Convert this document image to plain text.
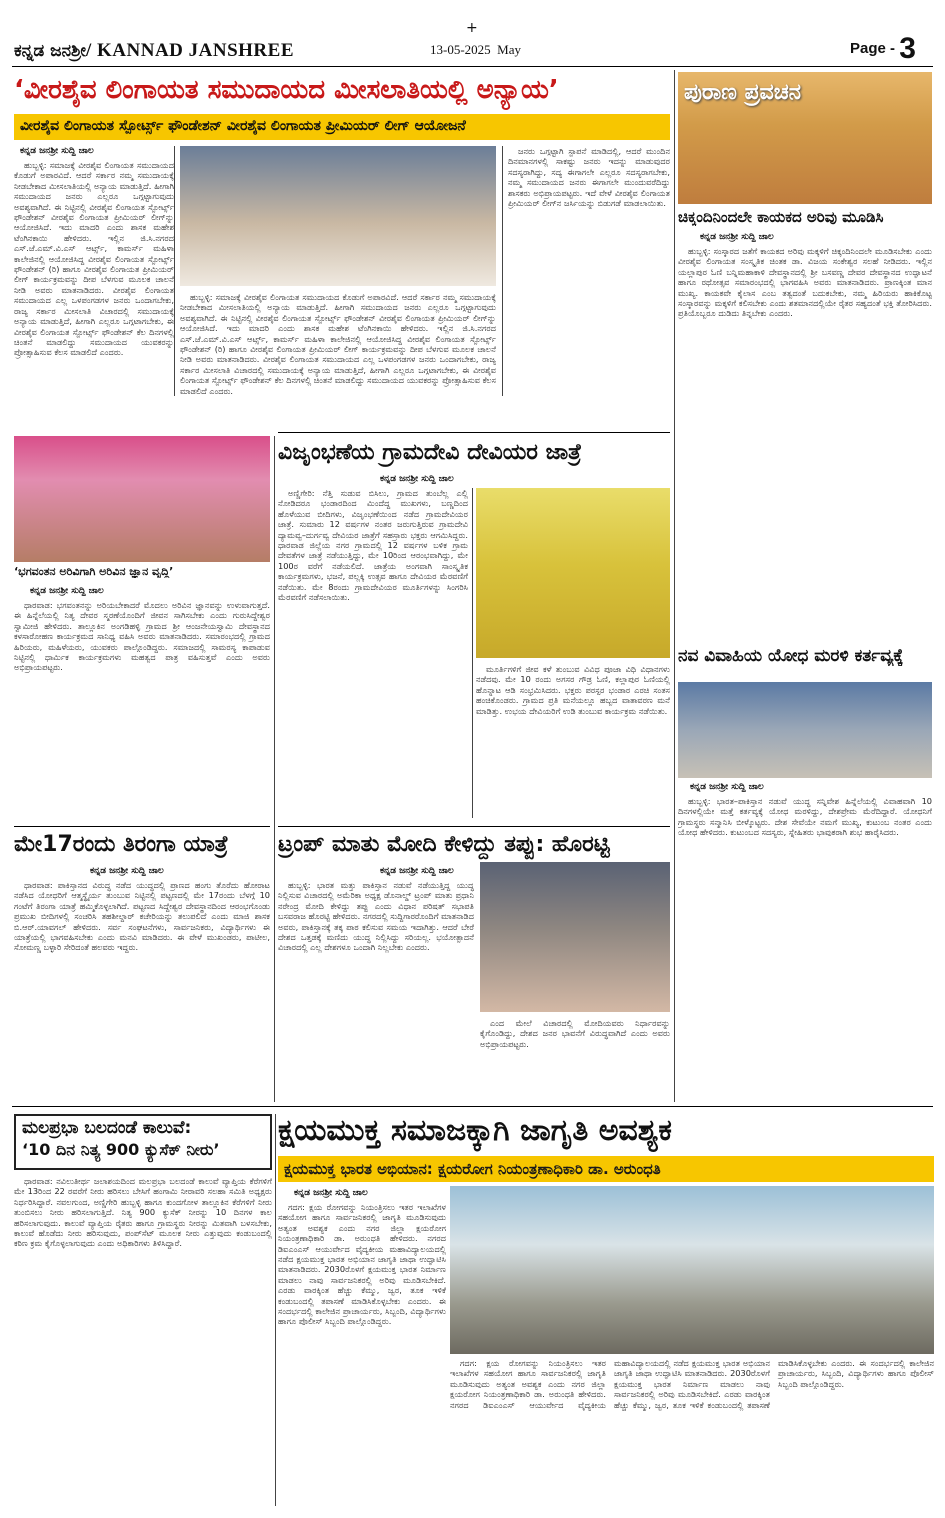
+
ಕನ್ನಡ ಜನಶ್ರೀ/ KANNAD JANSHREE	13-05-2025 May	Page - 3
‘ವೀರಶೈವ ಲಿಂಗಾಯತ ಸಮುದಾಯದ ಮೀಸಲಾತಿಯಲ್ಲಿ ಅನ್ಯಾಯ’
ವೀರಶೈವ ಲಿಂಗಾಯತ ಸ್ಪೋರ್ಟ್ಸ್ ಫೌಂಡೇಶನ್ ವೀರಶೈವ ಲಿಂಗಾಯತ ಪ್ರೀಮಿಯರ್ ಲೀಗ್ ಆಯೋಜನೆ
ಕನ್ನಡ ಜನಶ್ರೀ ಸುದ್ದಿ ಜಾಲ

ಹುಬ್ಬಳ್ಳಿ: ಸಮಾಜಕ್ಕೆ ವೀರಶೈವ ಲಿಂಗಾಯತ ಸಮುದಾಯದ ಕೊಡುಗೆ ಅಪಾರವಿದೆ. ಆದರೆ ಸರ್ಕಾರ ನಮ್ಮ ಸಮುದಾಯಕ್ಕೆ ನೀಡಬೇಕಾದ ಮೀಸಲಾತಿಯಲ್ಲಿ ಅನ್ಯಾಯ ಮಾಡುತ್ತಿದೆ. ಹೀಗಾಗಿ ಸಮುದಾಯದ ಜನರು ಎಲ್ಲರೂ ಒಗ್ಗಟ್ಟಾಗುವುದು ಅವಶ್ಯವಾಗಿದೆ. ಈ ನಿಟ್ಟಿನಲ್ಲಿ ವೀರಶೈವ ಲಿಂಗಾಯತ ಸ್ಪೋರ್ಟ್ಸ್ ಫೌಂಡೇಶನ್ ವೀರಶೈವ ಲಿಂಗಾಯತ ಪ್ರೀಮಿಯರ್ ಲೀಗ್‌ನ್ನು ಆಯೋಜಿಸಿದೆ. ಇದು ಮಾದರಿ ಎಂದು ಶಾಸಕ ಮಹೇಶ ಟೆಂಗಿನಕಾಯಿ ಹೇಳಿದರು. ಇಲ್ಲಿನ ಜಿ.ಸಿ.ನಗರದ ಎಸ್.ಜೆ.ಎಮ್.ವಿ.ಎಸ್ ಆರ್ಟ್ಸ್, ಕಾಮರ್ಸ್ ಮಹಿಳಾ ಕಾಲೇಜಿನಲ್ಲಿ ಆಯೋಜಿಸಿದ್ದ ವೀರಶೈವ ಲಿಂಗಾಯತ ಸ್ಪೋರ್ಟ್ಸ್ ಫೌಂಡೇಶನ್ (ರಿ) ಹಾಗೂ ವೀರಶೈವ ಲಿಂಗಾಯತ ಪ್ರೀಮಿಯರ್ ಲೀಗ್ ಕಾರ್ಯಕ್ರಮವನ್ನು ದೀಪ ಬೆಳಗುವ ಮೂಲಕ ಚಾಲನೆ ನೀಡಿ ಅವರು ಮಾತನಾಡಿದರು. ವೀರಶೈವ ಲಿಂಗಾಯತ ಸಮುದಾಯದ ಎಲ್ಲ ಒಳಪಂಗಡಗಳ ಜನರು ಒಂದಾಗಬೇಕು, ರಾಜ್ಯ ಸರ್ಕಾರ ಮೀಸಲಾತಿ ವಿಚಾರದಲ್ಲಿ ಸಮುದಾಯಕ್ಕೆ ಅನ್ಯಾಯ ಮಾಡುತ್ತಿದೆ, ಹೀಗಾಗಿ ಎಲ್ಲರೂ ಒಗ್ಗಟಾಗಬೇಕು, ಈ ವೀರಶೈವ ಲಿಂಗಾಯತ ಸ್ಪೋರ್ಟ್ಸ್ ಫೌಂಡೇಶನ್ ಕೆಲ ದಿನಗಳಲ್ಲಿ ಚಿಂತನೆ ಮಾಡಲಿದ್ದು ಸಮುದಾಯದ ಯುವಕರನ್ನು ಪ್ರೋತ್ಸಾಹಿಸುವ ಕೆಲಸ ಮಾಡಲಿದೆ ಎಂದರು.

ಹುಬ್ಬಳ್ಳಿ: ಸಮಾಜಕ್ಕೆ ವೀರಶೈವ ಲಿಂಗಾಯತ ಸಮುದಾಯದ ಕೊಡುಗೆ ಅಪಾರವಿದೆ. ಆದರೆ ಸರ್ಕಾರ ನಮ್ಮ ಸಮುದಾಯಕ್ಕೆ ನೀಡಬೇಕಾದ ಮೀಸಲಾತಿಯಲ್ಲಿ ಅನ್ಯಾಯ ಮಾಡುತ್ತಿದೆ. ಹೀಗಾಗಿ ಸಮುದಾಯದ ಜನರು ಎಲ್ಲರೂ ಒಗ್ಗಟ್ಟಾಗುವುದು ಅವಶ್ಯವಾಗಿದೆ. ಈ ನಿಟ್ಟಿನಲ್ಲಿ ವೀರಶೈವ ಲಿಂಗಾಯತ ಸ್ಪೋರ್ಟ್ಸ್ ಫೌಂಡೇಶನ್ ವೀರಶೈವ ಲಿಂಗಾಯತ ಪ್ರೀಮಿಯರ್ ಲೀಗ್‌ನ್ನು ಆಯೋಜಿಸಿದೆ. ಇದು ಮಾದರಿ ಎಂದು ಶಾಸಕ ಮಹೇಶ ಟೆಂಗಿನಕಾಯಿ ಹೇಳಿದರು. ಇಲ್ಲಿನ ಜಿ.ಸಿ.ನಗರದ ಎಸ್.ಜೆ.ಎಮ್.ವಿ.ಎಸ್ ಆರ್ಟ್ಸ್, ಕಾಮರ್ಸ್ ಮಹಿಳಾ ಕಾಲೇಜಿನಲ್ಲಿ ಆಯೋಜಿಸಿದ್ದ ವೀರಶೈವ ಲಿಂಗಾಯತ ಸ್ಪೋರ್ಟ್ಸ್ ಫೌಂಡೇಶನ್ (ರಿ) ಹಾಗೂ ವೀರಶೈವ ಲಿಂಗಾಯತ ಪ್ರೀಮಿಯರ್ ಲೀಗ್ ಕಾರ್ಯಕ್ರಮವನ್ನು ದೀಪ ಬೆಳಗುವ ಮೂಲಕ ಚಾಲನೆ ನೀಡಿ ಅವರು ಮಾತನಾಡಿದರು. ವೀರಶೈವ ಲಿಂಗಾಯತ ಸಮುದಾಯದ ಎಲ್ಲ ಒಳಪಂಗಡಗಳ ಜನರು ಒಂದಾಗಬೇಕು, ರಾಜ್ಯ ಸರ್ಕಾರ ಮೀಸಲಾತಿ ವಿಚಾರದಲ್ಲಿ ಸಮುದಾಯಕ್ಕೆ ಅನ್ಯಾಯ ಮಾಡುತ್ತಿದೆ, ಹೀಗಾಗಿ ಎಲ್ಲರೂ ಒಗ್ಗಟಾಗಬೇಕು, ಈ ವೀರಶೈವ ಲಿಂಗಾಯತ ಸ್ಪೋರ್ಟ್ಸ್ ಫೌಂಡೇಶನ್ ಕೆಲ ದಿನಗಳಲ್ಲಿ ಚಿಂತನೆ ಮಾಡಲಿದ್ದು ಸಮುದಾಯದ ಯುವಕರನ್ನು ಪ್ರೋತ್ಸಾಹಿಸುವ ಕೆಲಸ ಮಾಡಲಿದೆ ಎಂದರು.

ಜನರು ಒಗ್ಗಟ್ಟಾಗಿ ಸ್ಪಾಪನೆ ಮಾಡಿದಲ್ಲಿ, ಆದರೆ ಮುಂದಿನ ದಿನಮಾನಗಳಲ್ಲಿ ಸಾಕಷ್ಟು ಜನರು ಇದನ್ನು ಮಾಡುವುದರ ಸದಸ್ಯರಾಗಿದ್ದು, ಸದ್ಯ ಈಗಾಗಲೇ ಎಲ್ಲರೂ ಸದಸ್ಯರಾಗಬೇಕು, ನಮ್ಮ ಸಮುದಾಯದ ಜನರು ಈಗಾಗಲೇ ಮುಂದುವರೆದಿದ್ದು ಶಾಸಕರು ಅಭಿಪ್ರಾಯಪಟ್ಟರು. ಇದೆ ವೇಳೆ ವೀರಶೈವ ಲಿಂಗಾಯತ ಪ್ರೀಮಿಯರ್ ಲೀಗ್‌ನ ಜರ್ಸಿಯನ್ನು ಬಿಡುಗಡೆ ಮಾಡಲಾಯಿತು.

ಪುರಾಣ ಪ್ರವಚನ
ಚಿಕ್ಕಂದಿನಿಂದಲೇ ಕಾಯಕದ ಅರಿವು ಮೂಡಿಸಿ
ಕನ್ನಡ ಜನಶ್ರೀ ಸುದ್ದಿ ಜಾಲ

ಹುಬ್ಬಳ್ಳಿ: ಸಂಸ್ಕಾರದ ಜತೆಗೆ ಕಾಯಕದ ಅರಿವು ಮಕ್ಕಳಿಗೆ ಚಿಕ್ಕಂದಿನಿಂದಲೇ ಮೂಡಿಸಬೇಕು ಎಂದು ವೀರಶೈವ ಲಿಂಗಾಯತ ಸಂಸ್ಕೃತಿಕ ಚಿಂತಕ ಡಾ. ವಿಜಯ ಸಂಕೇಶ್ವರ ಸಲಹೆ ನೀಡಿದರು. ಇಲ್ಲಿನ ಯಲ್ಲಾಪುರ ಓಣಿ ಬನ್ನಿಮಹಾಕಾಳಿ ದೇವಸ್ಥಾನದಲ್ಲಿ ಶ್ರೀ ಬಸವಣ್ಣ ದೇವರ ದೇವಸ್ಥಾನದ ಉದ್ಘಾಟನೆ ಹಾಗೂ ರಥೋತ್ಸವ ಸಮಾರಂಭದಲ್ಲಿ ಭಾಗವಹಿಸಿ ಅವರು ಮಾತನಾಡಿದರು. ಪ್ರಾಣಕ್ಕಿಂತ ಮಾನ ಮುಖ್ಯ. ಕಾಯಕವೇ ಕೈಲಾಸ ಎಂಬ ತತ್ವದಂತೆ ಬದುಕಬೇಕು, ನಮ್ಮ ಹಿರಿಯರು ಹಾಕಿಕೊಟ್ಟ ಸಂಸ್ಕಾರವನ್ನು ಮಕ್ಕಳಿಗೆ ಕಲಿಸಬೇಕು ಎಂದು ಶತಮಾನದಲ್ಲಿಯೇ ರೈತರ ಸಹ್ಯದಂತೆ ಭಕ್ತಿ ತೋರಿಸಿದರು. ಪ್ರತಿಯೊಬ್ಬರೂ ದುಡಿದು ತಿನ್ನಬೇಕು ಎಂದರು.

‘ಭಗವಂತನ ಅರಿವಿಗಾಗಿ ಅರಿವಿನ ಜ್ಞಾನ ವೃದ್ಧಿ’
ಕನ್ನಡ ಜನಶ್ರೀ ಸುದ್ದಿ ಜಾಲ

ಧಾರವಾಡ: ಭಗವಂತನನ್ನು ಅರಿಯಬೇಕಾದರೆ ಮೊದಲು ಅರಿವಿನ ಜ್ಞಾನವನ್ನು ಉಳುವಾಗುತ್ತದೆ. ಈ ಹಿನ್ನೆಲೆಯಲ್ಲಿ ನಿತ್ಯ ದೇವರ ಸ್ಮರಣೆಯೊಂದಿಗೆ ಜೀವನ ಸಾಗಿಸಬೇಕು ಎಂದು ಗುರುಸಿದ್ದೇಶ್ವರ ಸ್ವಾಮೀಜಿ ಹೇಳಿದರು. ತಾಲ್ಲೂಕಿನ ಅಂಗಡಿಹಳ್ಳಿ ಗ್ರಾಮದ ಶ್ರೀ ಆಂಜನೇಯಸ್ವಾಮಿ ದೇವಸ್ಥಾನದ ಕಳಸಾರೋಹಣ ಕಾರ್ಯಕ್ರಮದ ಸಾನಿಧ್ಯ ವಹಿಸಿ ಅವರು ಮಾತನಾಡಿದರು. ಸಮಾರಂಭದಲ್ಲಿ ಗ್ರಾಮದ ಹಿರಿಯರು, ಮಹಿಳೆಯರು, ಯುವಕರು ಪಾಲ್ಗೊಂಡಿದ್ದರು. ಸಮಾಜದಲ್ಲಿ ಸಾಮರಸ್ಯ ಕಾಪಾಡುವ ನಿಟ್ಟಿನಲ್ಲಿ ಧಾರ್ಮಿಕ ಕಾರ್ಯಕ್ರಮಗಳು ಮಹತ್ವದ ಪಾತ್ರ ವಹಿಸುತ್ತವೆ ಎಂದು ಅವರು ಅಭಿಪ್ರಾಯಪಟ್ಟರು.

ವಿಜೃಂಭಣೆಯ ಗ್ರಾಮದೇವಿ ದೇವಿಯರ ಜಾತ್ರೆ
ಕನ್ನಡ ಜನಶ್ರೀ ಸುದ್ದಿ ಜಾಲ

ಅಣ್ಣಿಗೇರಿ: ನೆತ್ತಿ ಸುಡುವ ಬಿಸಿಲು, ಗ್ರಾಮದ ತುಂಬೆಲ್ಲ ಎಲ್ಲಿ ನೋಡಿದರೂ ಭಂಡಾರದಿಂದ ಮಿಂದೆದ್ದ ಮುಖಗಳು, ಬಣ್ಣದಿಂದ ಹೊಳೆಯುವ ಬೀದಿಗಳು, ವಿಜೃಂಭಣೆಯಿಂದ ನಡೆದ ಗ್ರಾಮದೇವಿಯರ ಜಾತ್ರೆ. ಸುಮಾರು 12 ವರ್ಷಗಳ ನಂತರ ಜರುಗುತ್ತಿರುವ ಗ್ರಾಮದೇವಿ ದ್ಯಾಮವ್ವ–ದುರ್ಗವ್ವ ದೇವಿಯರ ಜಾತ್ರೆಗೆ ಸಹಸ್ರಾರು ಭಕ್ತರು ಆಗಮಿಸಿದ್ದರು. ಧಾರವಾಡ ಜಿಲ್ಲೆಯ ನಗರ ಗ್ರಾಮದಲ್ಲಿ 12 ವರ್ಷಗಳ ಬಳಿಕ ಗ್ರಾಮ ದೇವತೆಗಳ ಜಾತ್ರೆ ನಡೆಯುತ್ತಿದ್ದು, ಮೇ 10ರಿಂದ ಆರಂಭವಾಗಿದ್ದು, ಮೇ 100ರ ವರೆಗೆ ನಡೆಯಲಿದೆ. ಜಾತ್ರೆಯ ಅಂಗವಾಗಿ ಸಾಂಸ್ಕೃತಿಕ ಕಾರ್ಯಕ್ರಮಗಳು, ಭಜನೆ, ಪಲ್ಲಕ್ಕಿ ಉತ್ಸವ ಹಾಗೂ ದೇವಿಯರ ಮೆರವಣಿಗೆ ನಡೆಯಿತು. ಮೇ 8ರಂದು ಗ್ರಾಮದೇವಿಯರ ಮೂರ್ತಿಗಳನ್ನು ಸಿಂಗರಿಸಿ ಮೆರವಣಿಗೆ ನಡೆಸಲಾಯಿತು.

ಮೂರ್ತಿಗಳಿಗೆ ಜೀವ ಕಳೆ ತುಂಬುವ ವಿವಿಧ ಪೂಜಾ ವಿಧಿ ವಿಧಾನಗಳು ನಡೆದವು. ಮೇ 10 ರಂದು ಅಗಸರ ಗೌಡ್ರ ಓಣಿ, ಕಲ್ಲಾಪುರ ಓಣಿಯಲ್ಲಿ ಹೊನ್ನಾಟ ಆಡಿ ಸಂಭ್ರಮಿಸಿದರು. ಭಕ್ತರು ಪರಸ್ಪರ ಭಂಡಾರ ಎರಚಿ ಸಂತಸ ಹಂಚಿಕೊಂಡರು. ಗ್ರಾಮದ ಪ್ರತಿ ಮನೆಯಲ್ಲೂ ಹಬ್ಬದ ವಾತಾವರಣ ಮನೆ ಮಾಡಿತ್ತು. ಉಭಯ ದೇವಿಯರಿಗೆ ಉಡಿ ತುಂಬುವ ಕಾರ್ಯಕ್ರಮ ನಡೆಯಿತು.

ನವ ವಿವಾಹಿಯ ಯೋಧ ಮರಳಿ ಕರ್ತವ್ಯಕ್ಕೆ
ಕನ್ನಡ ಜನಶ್ರೀ ಸುದ್ದಿ ಜಾಲ

ಹುಬ್ಬಳ್ಳಿ: ಭಾರತ–ಪಾಕಿಸ್ತಾನ ನಡುವೆ ಯುದ್ಧ ಸನ್ನಿವೇಶ ಹಿನ್ನೆಲೆಯಲ್ಲಿ ವಿವಾಹವಾಗಿ 10 ದಿನಗಳಲ್ಲಿಯೇ ಮತ್ತೆ ಕರ್ತವ್ಯಕ್ಕೆ ಯೋಧ ಮರಳಿದ್ದು, ದೇಶಪ್ರೇಮ ಮೆರೆದಿದ್ದಾರೆ. ಯೋಧನಿಗೆ ಗ್ರಾಮಸ್ಥರು ಸನ್ಮಾನಿಸಿ ಬೀಳ್ಕೊಟ್ಟರು. ದೇಶ ಸೇವೆಯೇ ನಮಗೆ ಮುಖ್ಯ, ಕುಟುಂಬ ನಂತರ ಎಂದು ಯೋಧ ಹೇಳಿದರು. ಕುಟುಂಬದ ಸದಸ್ಯರು, ಸ್ನೇಹಿತರು ಭಾವುಕರಾಗಿ ಶುಭ ಹಾರೈಸಿದರು.

ಮೇ17ರಂದು ತಿರಂಗಾ ಯಾತ್ರೆ
ಕನ್ನಡ ಜನಶ್ರೀ ಸುದ್ದಿ ಜಾಲ

ಧಾರವಾಡ: ಪಾಕಿಸ್ತಾನದ ವಿರುದ್ಧ ನಡೆದ ಯುದ್ಧದಲ್ಲಿ ಪ್ರಾಣದ ಹಂಗು ತೊರೆದು ಹೋರಾಟ ನಡೆಸಿದ ಯೋಧರಿಗೆ ಆತ್ಮಸ್ಥೈರ್ಯ ತುಂಬುವ ನಿಟ್ಟಿನಲ್ಲಿ ಪಟ್ಟಣದಲ್ಲಿ ಮೇ 17ರಂದು ಬೆಳಗ್ಗೆ 10 ಗಂಟೆಗೆ ತಿರಂಗಾ ಯಾತ್ರೆ ಹಮ್ಮಿಕೊಳ್ಳಲಾಗಿದೆ. ಪಟ್ಟಣದ ಸಿದ್ದೇಶ್ವರ ದೇವಸ್ಥಾನದಿಂದ ಆರಂಭಗೊಂಡು ಪ್ರಮುಖ ಬೀದಿಗಳಲ್ಲಿ ಸಂಚರಿಸಿ ತಹಶೀಲ್ದಾರ್ ಕಚೇರಿಯನ್ನು ತಲುಪಲಿದೆ ಎಂದು ಮಾಜಿ ಶಾಸಕ ಬಿ.ಆರ್.ಯಾವಗಲ್ ಹೇಳಿದರು. ಸರ್ವ ಸಂಘಟನೆಗಳು, ಸಾರ್ವಜನಿಕರು, ವಿದ್ಯಾರ್ಥಿಗಳು ಈ ಯಾತ್ರೆಯಲ್ಲಿ ಭಾಗವಹಿಸಬೇಕು ಎಂದು ಮನವಿ ಮಾಡಿದರು. ಈ ವೇಳೆ ಮುಖಂಡರು, ಪಾಟೀಲ, ಸೋಮಣ್ಣ ಬಳ್ಳಾರಿ ಸೇರಿದಂತೆ ಹಲವರು ಇದ್ದರು.

ಟ್ರಂಪ್ ಮಾತು ಮೋದಿ ಕೇಳಿದ್ದು ತಪ್ಪು: ಹೊರಟ್ಟಿ
ಕನ್ನಡ ಜನಶ್ರೀ ಸುದ್ದಿ ಜಾಲ

ಹುಬ್ಬಳ್ಳಿ: ಭಾರತ ಮತ್ತು ಪಾಕಿಸ್ತಾನ ನಡುವೆ ನಡೆಯುತ್ತಿದ್ದ ಯುದ್ಧ ನಿಲ್ಲಿಸುವ ವಿಚಾರದಲ್ಲಿ ಅಮೆರಿಕಾ ಅಧ್ಯಕ್ಷ ಡೊನಾಲ್ಡ್ ಟ್ರಂಪ್ ಮಾತು ಪ್ರಧಾನಿ ನರೇಂದ್ರ ಮೋದಿ ಕೇಳಿದ್ದು ತಪ್ಪು ಎಂದು ವಿಧಾನ ಪರಿಷತ್ ಸಭಾಪತಿ ಬಸವರಾಜ ಹೊರಟ್ಟಿ ಹೇಳಿದರು. ನಗರದಲ್ಲಿ ಸುದ್ದಿಗಾರರೊಂದಿಗೆ ಮಾತನಾಡಿದ ಅವರು, ಪಾಕಿಸ್ತಾನಕ್ಕೆ ತಕ್ಕ ಪಾಠ ಕಲಿಸುವ ಸಮಯ ಇದಾಗಿತ್ತು. ಆದರೆ ಬೇರೆ ದೇಶದ ಒತ್ತಡಕ್ಕೆ ಮಣಿದು ಯುದ್ಧ ನಿಲ್ಲಿಸಿದ್ದು ಸರಿಯಲ್ಲ. ಭಯೋತ್ಪಾದನೆ ವಿಚಾರದಲ್ಲಿ ಎಲ್ಲ ದೇಶಗಳೂ ಒಂದಾಗಿ ನಿಲ್ಲಬೇಕು ಎಂದರು.

ಎಂದ ಮೇಲೆ ವಿಚಾರದಲ್ಲಿ ಮೋದಿಯವರು ನಿರ್ಧಾರವನ್ನು ಕೈಗೊಂಡಿದ್ದು, ದೇಶದ ಜನರ ಭಾವನೆಗೆ ವಿರುದ್ಧವಾಗಿದೆ ಎಂದು ಅವರು ಅಭಿಪ್ರಾಯಪಟ್ಟರು.

ಮಲಪ್ರಭಾ ಬಲದಂಡೆ ಕಾಲುವೆ:
‘10 ದಿನ ನಿತ್ಯ 900 ಕ್ಯುಸೆಕ್ ನೀರು’

ಧಾರವಾಡ: ನವಿಲುತೀರ್ಥ ಜಲಾಶಯದಿಂದ ಮಲಪ್ರಭಾ ಬಲದಂಡೆ ಕಾಲುವೆ ವ್ಯಾಪ್ತಿಯ ಕೆರೆಗಳಿಗೆ ಮೇ 13ರಿಂದ 22 ರವರೆಗೆ ನೀರು ಹರಿಸಲು ಬೇಸಿಗೆ ಹಂಗಾಮಿ ನೀರಾವರಿ ಸಲಹಾ ಸಮಿತಿ ಅಧ್ಯಕ್ಷರು ನಿರ್ಧರಿಸಿದ್ದಾರೆ. ನವಲಗುಂದ, ಅಣ್ಣಿಗೇರಿ ಹುಬ್ಬಳ್ಳಿ ಹಾಗೂ ಕುಂದಗೋಳ ತಾಲ್ಲೂಕಿನ ಕೆರೆಗಳಿಗೆ ನೀರು ತುಂಬಿಸಲು ನೀರು ಹರಿಸಲಾಗುತ್ತಿದೆ. ನಿತ್ಯ 900 ಕ್ಯುಸೆಕ್ ನೀರನ್ನು 10 ದಿನಗಳ ಕಾಲ ಹರಿಸಲಾಗುವುದು. ಕಾಲುವೆ ವ್ಯಾಪ್ತಿಯ ರೈತರು ಹಾಗೂ ಗ್ರಾಮಸ್ಥರು ನೀರನ್ನು ಮಿತವಾಗಿ ಬಳಸಬೇಕು, ಕಾಲುವೆ ಹೊಡೆದು ನೀರು ಹರಿಸುವುದು, ಪಂಪ್‌ಸೆಟ್ ಮೂಲಕ ನೀರು ಎತ್ತುವುದು ಕಂಡುಬಂದಲ್ಲಿ ಕಠಿಣ ಕ್ರಮ ಕೈಗೊಳ್ಳಲಾಗುವುದು ಎಂದು ಅಧಿಕಾರಿಗಳು ತಿಳಿಸಿದ್ದಾರೆ.

ಕ್ಷಯಮುಕ್ತ ಸಮಾಜಕ್ಕಾಗಿ ಜಾಗೃತಿ ಅವಶ್ಯಕ
ಕ್ಷಯಮುಕ್ತ ಭಾರತ ಅಭಿಯಾನ: ಕ್ಷಯರೋಗ ನಿಯಂತ್ರಣಾಧಿಕಾರಿ ಡಾ. ಅರುಂಧತಿ
ಕನ್ನಡ ಜನಶ್ರೀ ಸುದ್ದಿ ಜಾಲ

ಗದಗ: ಕ್ಷಯ ರೋಗವನ್ನು ನಿಯಂತ್ರಿಸಲು ಇತರ ಇಲಾಖೆಗಳ ಸಹಯೋಗ ಹಾಗೂ ಸಾರ್ವಜನಿಕರಲ್ಲಿ ಜಾಗೃತಿ ಮೂಡಿಸುವುದು ಅತ್ಯಂತ ಅವಶ್ಯಕ ಎಂದು ನಗರ ಜಿಲ್ಲಾ ಕ್ಷಯರೋಗ ನಿಯಂತ್ರಣಾಧಿಕಾರಿ ಡಾ. ಅರುಂಧತಿ ಹೇಳಿದರು. ನಗರದ ಡಿಐಎಂಎಸ್ ಆಯುರ್ವೇದ ವೈದ್ಯಕೀಯ ಮಹಾವಿದ್ಯಾಲಯದಲ್ಲಿ ನಡೆದ ಕ್ಷಯಮುಕ್ತ ಭಾರತ ಅಭಿಯಾನ ಜಾಗೃತಿ ಜಾಥಾ ಉದ್ಘಾಟಿಸಿ ಮಾತನಾಡಿದರು. 2030ರೊಳಗೆ ಕ್ಷಯಮುಕ್ತ ಭಾರತ ನಿರ್ಮಾಣ ಮಾಡಲು ನಾವು ಸಾರ್ವಜನಿಕರಲ್ಲಿ ಅರಿವು ಮೂಡಿಸಬೇಕಿದೆ. ಎರಡು ವಾರಕ್ಕಿಂತ ಹೆಚ್ಚು ಕೆಮ್ಮು, ಜ್ವರ, ತೂಕ ಇಳಿಕೆ ಕಂಡುಬಂದಲ್ಲಿ ತಪಾಸಣೆ ಮಾಡಿಸಿಕೊಳ್ಳಬೇಕು ಎಂದರು. ಈ ಸಂದರ್ಭದಲ್ಲಿ ಕಾಲೇಜಿನ ಪ್ರಾಚಾರ್ಯರು, ಸಿಬ್ಬಂದಿ, ವಿದ್ಯಾರ್ಥಿಗಳು ಹಾಗೂ ಪೊಲೀಸ್ ಸಿಬ್ಬಂದಿ ಪಾಲ್ಗೊಂಡಿದ್ದರು.

ಗದಗ: ಕ್ಷಯ ರೋಗವನ್ನು ನಿಯಂತ್ರಿಸಲು ಇತರ ಇಲಾಖೆಗಳ ಸಹಯೋಗ ಹಾಗೂ ಸಾರ್ವಜನಿಕರಲ್ಲಿ ಜಾಗೃತಿ ಮೂಡಿಸುವುದು ಅತ್ಯಂತ ಅವಶ್ಯಕ ಎಂದು ನಗರ ಜಿಲ್ಲಾ ಕ್ಷಯರೋಗ ನಿಯಂತ್ರಣಾಧಿಕಾರಿ ಡಾ. ಅರುಂಧತಿ ಹೇಳಿದರು. ನಗರದ ಡಿಐಎಂಎಸ್ ಆಯುರ್ವೇದ ವೈದ್ಯಕೀಯ ಮಹಾವಿದ್ಯಾಲಯದಲ್ಲಿ ನಡೆದ ಕ್ಷಯಮುಕ್ತ ಭಾರತ ಅಭಿಯಾನ ಜಾಗೃತಿ ಜಾಥಾ ಉದ್ಘಾಟಿಸಿ ಮಾತನಾಡಿದರು. 2030ರೊಳಗೆ ಕ್ಷಯಮುಕ್ತ ಭಾರತ ನಿರ್ಮಾಣ ಮಾಡಲು ನಾವು ಸಾರ್ವಜನಿಕರಲ್ಲಿ ಅರಿವು ಮೂಡಿಸಬೇಕಿದೆ. ಎರಡು ವಾರಕ್ಕಿಂತ ಹೆಚ್ಚು ಕೆಮ್ಮು, ಜ್ವರ, ತೂಕ ಇಳಿಕೆ ಕಂಡುಬಂದಲ್ಲಿ ತಪಾಸಣೆ ಮಾಡಿಸಿಕೊಳ್ಳಬೇಕು ಎಂದರು. ಈ ಸಂದರ್ಭದಲ್ಲಿ ಕಾಲೇಜಿನ ಪ್ರಾಚಾರ್ಯರು, ಸಿಬ್ಬಂದಿ, ವಿದ್ಯಾರ್ಥಿಗಳು ಹಾಗೂ ಪೊಲೀಸ್ ಸಿಬ್ಬಂದಿ ಪಾಲ್ಗೊಂಡಿದ್ದರು.
